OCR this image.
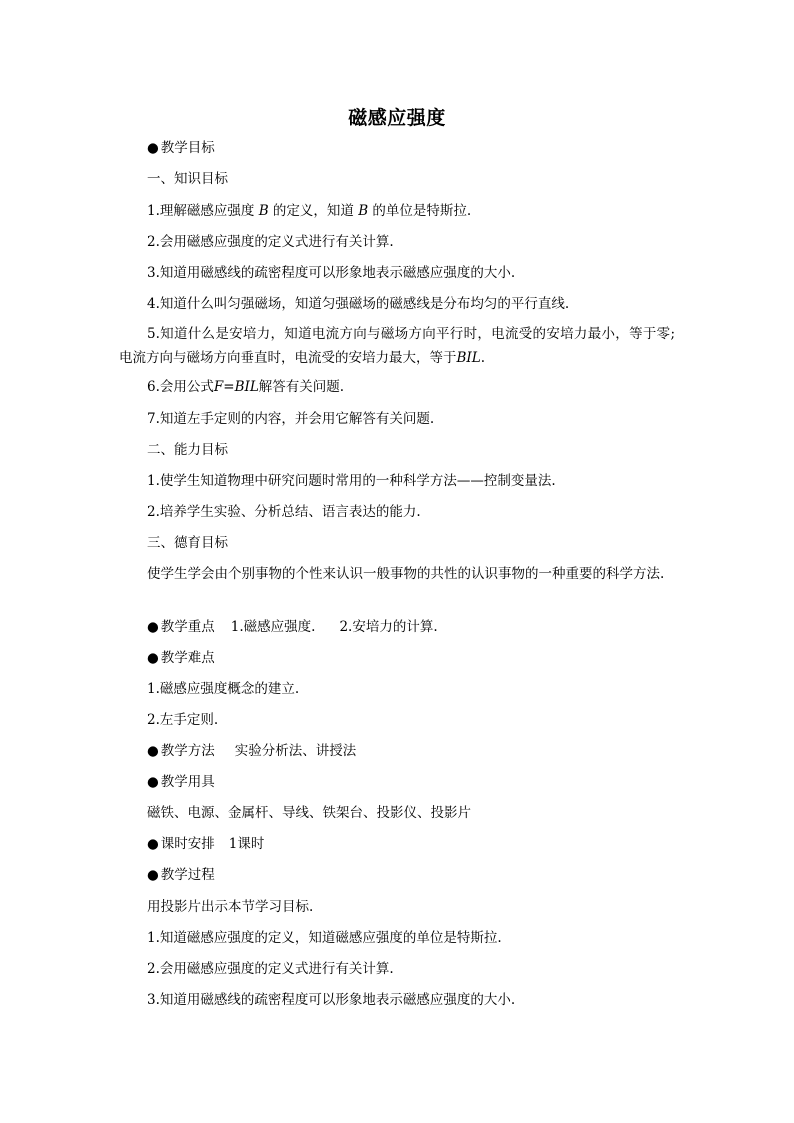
磁感应强度
● 教学目标
一、知识目标
1.理解磁感应强度 B 的定义，知道 B 的单位是特斯拉.
2.会用磁感应强度的定义式进行有关计算.
3.知道用磁感线的疏密程度可以形象地表示磁感应强度的大小.
4.知道什么叫匀强磁场，知道匀强磁场的磁感线是分布均匀的平行直线.
5.知道什么是安培力，知道电流方向与磁场方向平行时，电流受的安培力最小，等于零;电流方向与磁场方向垂直时，电流受的安培力最大，等于BIL.
6.会用公式F=BIL解答有关问题.
7.知道左手定则的内容，并会用它解答有关问题.
二、能力目标
1.使学生知道物理中研究问题时常用的一种科学方法——控制变量法.
2.培养学生实验、分析总结、语言表达的能力.
三、德育目标
使学生学会由个别事物的个性来认识一般事物的共性的认识事物的一种重要的科学方法.
● 教学重点 1.磁感应强度. 2.安培力的计算.
● 教学难点
1.磁感应强度概念的建立.
2.左手定则.
● 教学方法 实验分析法、讲授法
● 教学用具
磁铁、电源、金属杆、导线、铁架台、投影仪、投影片
● 课时安排 1课时
● 教学过程
用投影片出示本节学习目标.
1.知道磁感应强度的定义，知道磁感应强度的单位是特斯拉.
2.会用磁感应强度的定义式进行有关计算.
3.知道用磁感线的疏密程度可以形象地表示磁感应强度的大小.
